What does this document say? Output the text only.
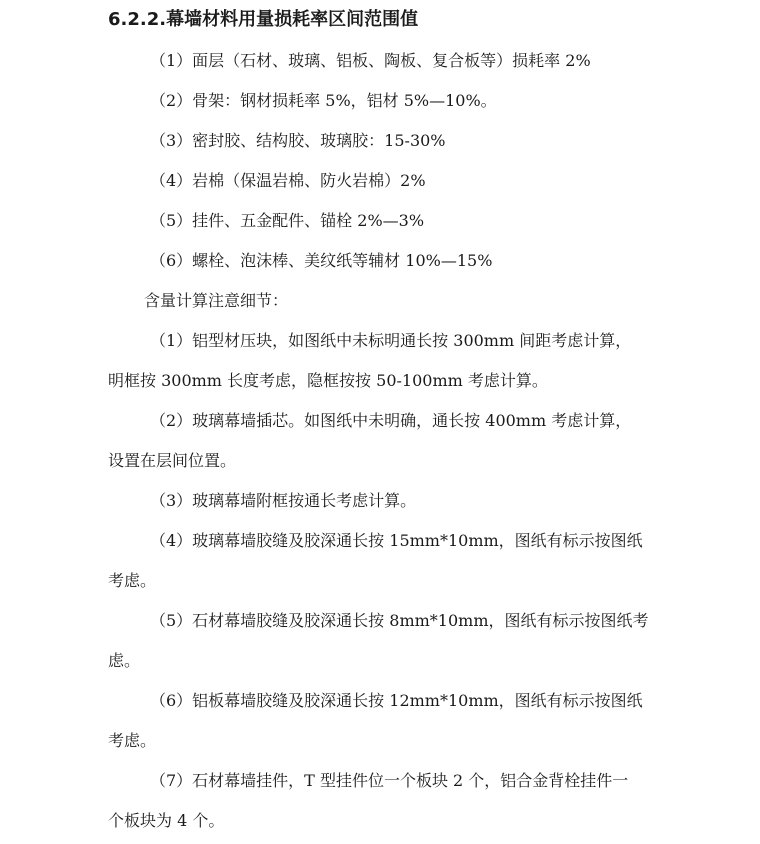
6.2.2.幕墙材料用量损耗率区间范围值
（1）面层（石材、玻璃、铝板、陶板、复合板等）损耗率 2%
（2）骨架：钢材损耗率 5%，铝材 5%—10%。
（3）密封胶、结构胶、玻璃胶：15-30%
（4）岩棉（保温岩棉、防火岩棉）2%
（5）挂件、五金配件、锚栓 2%—3%
（6）螺栓、泡沫棒、美纹纸等辅材 10%—15%
含量计算注意细节：
（1）铝型材压块，如图纸中未标明通长按 300mm 间距考虑计算，
明框按 300mm 长度考虑，隐框按按 50-100mm 考虑计算。
（2）玻璃幕墙插芯。如图纸中未明确，通长按 400mm 考虑计算，
设置在层间位置。
（3）玻璃幕墙附框按通长考虑计算。
（4）玻璃幕墙胶缝及胶深通长按 15mm*10mm，图纸有标示按图纸
考虑。
（5）石材幕墙胶缝及胶深通长按 8mm*10mm，图纸有标示按图纸考
虑。
（6）铝板幕墙胶缝及胶深通长按 12mm*10mm，图纸有标示按图纸
考虑。
（7）石材幕墙挂件，T 型挂件位一个板块 2 个，铝合金背栓挂件一
个板块为 4 个。
